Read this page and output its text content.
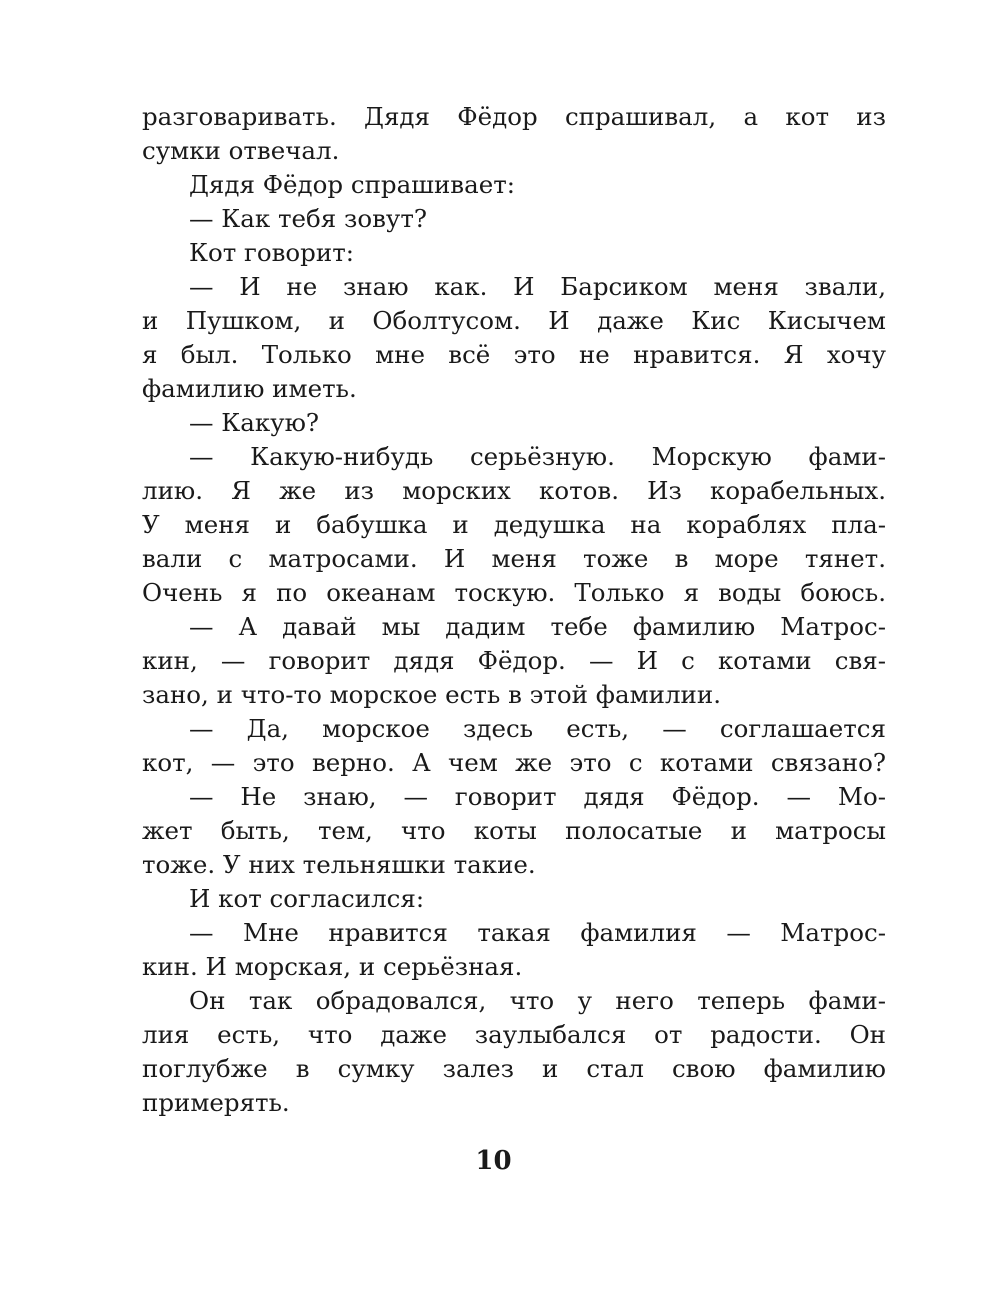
разговаривать. Дядя Фёдор спрашивал, а кот из
сумки отвечал.
Дядя Фёдор спрашивает:
— Как тебя зовут?
Кот говорит:
— И не знаю как. И Барсиком меня звали,
и Пушком, и Оболтусом. И даже Кис Кисычем
я был. Только мне всё это не нравится. Я хочу
фамилию иметь.
— Какую?
— Какую-нибудь серьёзную. Морскую фами-
лию. Я же из морских котов. Из корабельных.
У меня и бабушка и дедушка на кораблях пла-
вали с матросами. И меня тоже в море тянет.
Очень я по океанам тоскую. Только я воды боюсь.
— А давай мы дадим тебе фамилию Матрос-
кин, — говорит дядя Фёдор. — И с котами свя-
зано, и что-то морское есть в этой фамилии.
— Да, морское здесь есть, — соглашается
кот, — это верно. А чем же это с котами связано?
— Не знаю, — говорит дядя Фёдор. — Мо-
жет быть, тем, что коты полосатые и матросы
тоже. У них тельняшки такие.
И кот согласился:
— Мне нравится такая фамилия — Матрос-
кин. И морская, и серьёзная.
Он так обрадовался, что у него теперь фами-
лия есть, что даже заулыбался от радости. Он
поглубже в сумку залез и стал свою фамилию
примерять.
10
